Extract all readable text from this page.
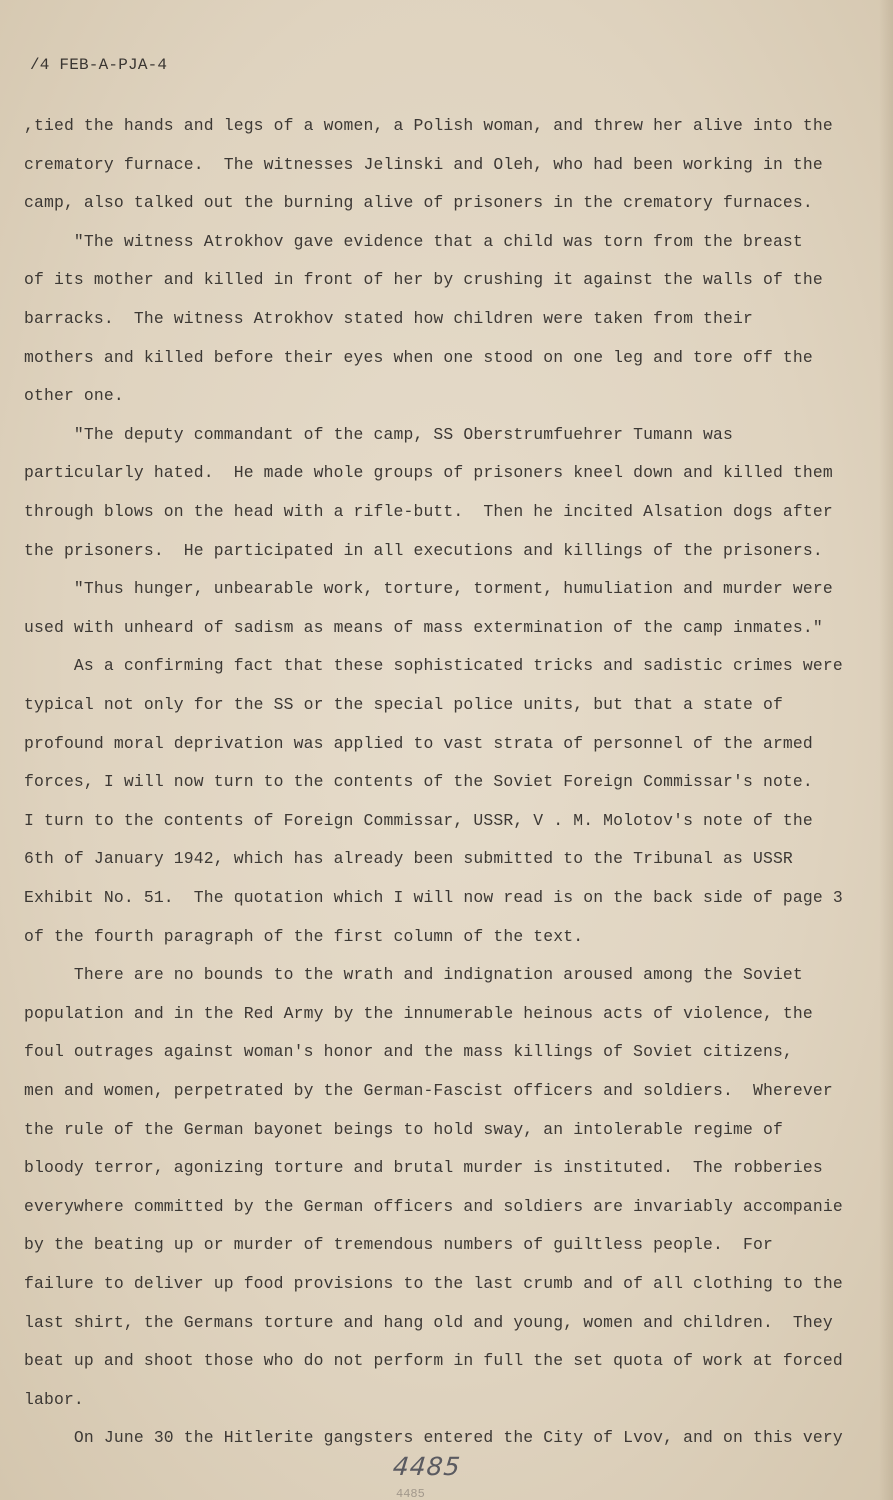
/4 FEB-A-PJA-4
,tied the hands and legs of a women, a Polish woman, and threw her alive into the
crematory furnace.  The witnesses Jelinski and Oleh, who had been working in the
camp, also talked out the burning alive of prisoners in the crematory furnaces.
"The witness Atrokhov gave evidence that a child was torn from the breast
of its mother and killed in front of her by crushing it against the walls of the
barracks.  The witness Atrokhov stated how children were taken from their
mothers and killed before their eyes when one stood on one leg and tore off the
other one.
"The deputy commandant of the camp, SS Oberstrumfuehrer Tumann was
particularly hated.  He made whole groups of prisoners kneel down and killed them
through blows on the head with a rifle-butt.  Then he incited Alsation dogs after
the prisoners.  He participated in all executions and killings of the prisoners.
"Thus hunger, unbearable work, torture, torment, humuliation and murder were
used with unheard of sadism as means of mass extermination of the camp inmates."
As a confirming fact that these sophisticated tricks and sadistic crimes were
typical not only for the SS or the special police units, but that a state of
profound moral deprivation was applied to vast strata of personnel of the armed
forces, I will now turn to the contents of the Soviet Foreign Commissar's note.
I turn to the contents of Foreign Commissar, USSR, V . M. Molotov's note of the
6th of January 1942, which has already been submitted to the Tribunal as USSR
Exhibit No. 51.  The quotation which I will now read is on the back side of page 3
of the fourth paragraph of the first column of the text.
There are no bounds to the wrath and indignation aroused among the Soviet
population and in the Red Army by the innumerable heinous acts of violence, the
foul outrages against woman's honor and the mass killings of Soviet citizens,
men and women, perpetrated by the German-Fascist officers and soldiers.  Wherever
the rule of the German bayonet beings to hold sway, an intolerable regime of
bloody terror, agonizing torture and brutal murder is instituted.  The robberies
everywhere committed by the German officers and soldiers are invariably accompanie
by the beating up or murder of tremendous numbers of guiltless people.  For
failure to deliver up food provisions to the last crumb and of all clothing to the
last shirt, the Germans torture and hang old and young, women and children.  They
beat up and shoot those who do not perform in full the set quota of work at forced
labor.
On June 30 the Hitlerite gangsters entered the City of Lvov, and on this very
4485
4485
